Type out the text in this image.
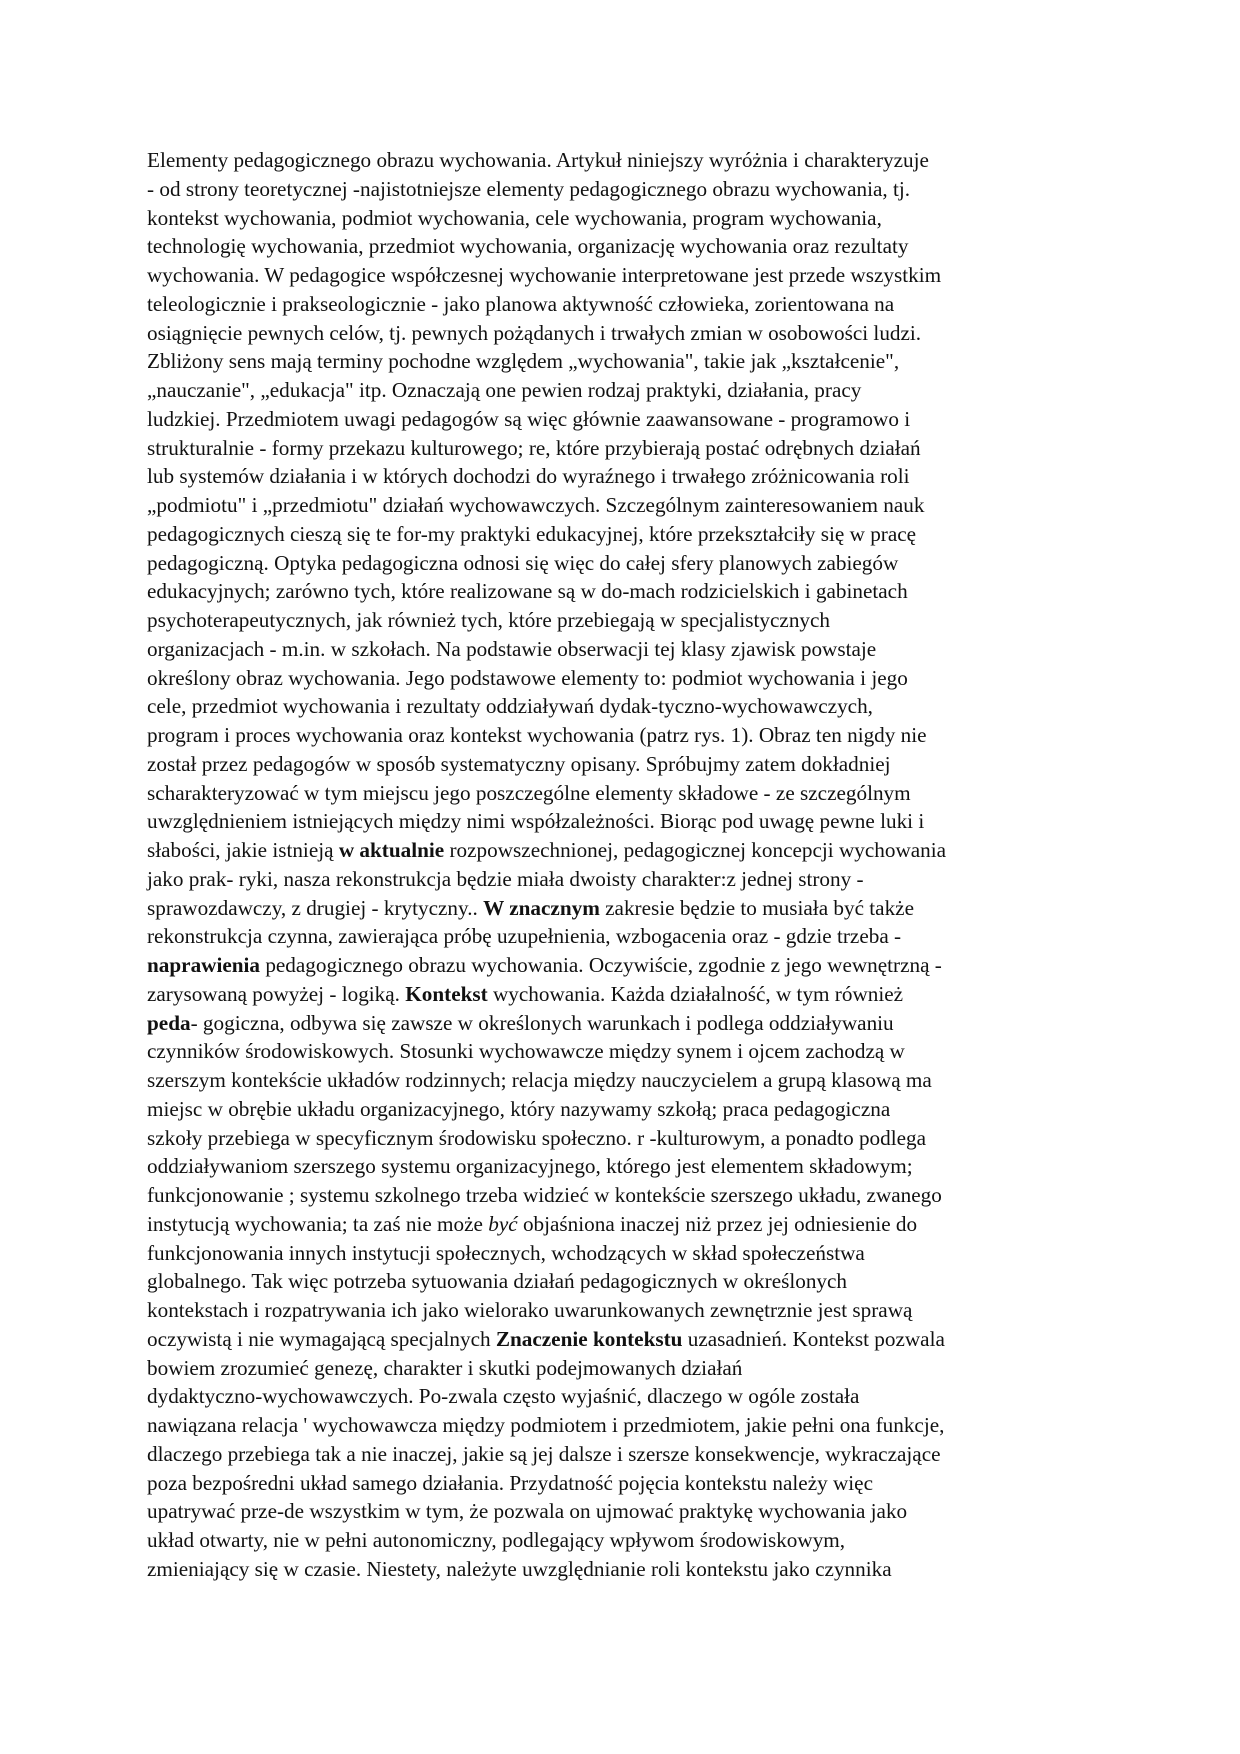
Elementy pedagogicznego obrazu wychowania. Artykuł niniejszy wyróżnia i charakteryzuje
- od strony teoretycznej -najistotniejsze elementy pedagogicznego obrazu wychowania, tj.
kontekst wychowania, podmiot wychowania, cele wychowania, program wychowania,
technologię wychowania, przedmiot wychowania, organizację wychowania oraz rezultaty
wychowania. W pedagogice współczesnej wychowanie interpretowane jest przede wszystkim
teleologicznie i prakseologicznie - jako planowa aktywność człowieka, zorientowana na
osiągnięcie pewnych celów, tj. pewnych pożądanych i trwałych zmian w osobowości ludzi.
Zbliżony sens mają terminy pochodne względem „wychowania", takie jak „kształcenie",
„nauczanie", „edukacja" itp. Oznaczają one pewien rodzaj praktyki, działania, pracy
ludzkiej. Przedmiotem uwagi pedagogów są więc głównie zaawansowane - programowo i
strukturalnie - formy przekazu kulturowego; re, które przybierają postać odrębnych działań
lub systemów działania i w których dochodzi do wyraźnego i trwałego zróżnicowania roli
„podmiotu" i „przedmiotu" działań wychowawczych. Szczególnym zainteresowaniem nauk
pedagogicznych cieszą się te for-my praktyki edukacyjnej, które przekształciły się w pracę
pedagogiczną. Optyka pedagogiczna odnosi się więc do całej sfery planowych zabiegów
edukacyjnych; zarówno tych, które realizowane są w do-mach rodzicielskich i gabinetach
psychoterapeutycznych, jak również tych, które przebiegają w specjalistycznych
organizacjach - m.in. w szkołach. Na podstawie obserwacji tej klasy zjawisk powstaje
określony obraz wychowania. Jego podstawowe elementy to: podmiot wychowania i jego
cele, przedmiot wychowania i rezultaty oddziaływań dydak-tyczno-wychowawczych,
program i proces wychowania oraz kontekst wychowania (patrz rys. 1). Obraz ten nigdy nie
został przez pedagogów w sposób systematyczny opisany. Spróbujmy zatem dokładniej
scharakteryzować w tym miejscu jego poszczególne elementy składowe - ze szczególnym
uwzględnieniem istniejących między nimi współzależności. Biorąc pod uwagę pewne luki i
słabości, jakie istnieją w aktualnie rozpowszechnionej, pedagogicznej koncepcji wychowania
jako prak- ryki, nasza rekonstrukcja będzie miała dwoisty charakter:z jednej strony -
sprawozdawczy, z drugiej - krytyczny.. W znacznym zakresie będzie to musiała być także
rekonstrukcja czynna, zawierająca próbę uzupełnienia, wzbogacenia oraz - gdzie trzeba -
naprawienia pedagogicznego obrazu wychowania. Oczywiście, zgodnie z jego wewnętrzną -
zarysowaną powyżej - logiką. Kontekst wychowania. Każda działalność, w tym również
peda- gogiczna, odbywa się zawsze w określonych warunkach i podlega oddziaływaniu
czynników środowiskowych. Stosunki wychowawcze między synem i ojcem zachodzą w
szerszym kontekście układów rodzinnych; relacja między nauczycielem a grupą klasową ma
miejsc w obrębie układu organizacyjnego, który nazywamy szkołą; praca pedagogiczna
szkoły przebiega w specyficznym środowisku społeczno. r -kulturowym, a ponadto podlega
oddziaływaniom szerszego systemu organizacyjnego, którego jest elementem składowym;
funkcjonowanie ; systemu szkolnego trzeba widzieć w kontekście szerszego układu, zwanego
instytucją wychowania; ta zaś nie może być objaśniona inaczej niż przez jej odniesienie do
funkcjonowania innych instytucji społecznych, wchodzących w skład społeczeństwa
globalnego. Tak więc potrzeba sytuowania działań pedagogicznych w określonych
kontekstach i rozpatrywania ich jako wielorako uwarunkowanych zewnętrznie jest sprawą
oczywistą i nie wymagającą specjalnych Znaczenie kontekstu uzasadnień. Kontekst pozwala
bowiem zrozumieć genezę, charakter i skutki podejmowanych działań
dydaktyczno-wychowawczych. Po-zwala często wyjaśnić, dlaczego w ogóle została
nawiązana relacja ' wychowawcza między podmiotem i przedmiotem, jakie pełni ona funkcje,
dlaczego przebiega tak a nie inaczej, jakie są jej dalsze i szersze konsekwencje, wykraczające
poza bezpośredni układ samego działania. Przydatność pojęcia kontekstu należy więc
upatrywać prze-de wszystkim w tym, że pozwala on ujmować praktykę wychowania jako
układ otwarty, nie w pełni autonomiczny, podlegający wpływom środowiskowym,
zmieniający się w czasie. Niestety, należyte uwzględnianie roli kontekstu jako czynnika
